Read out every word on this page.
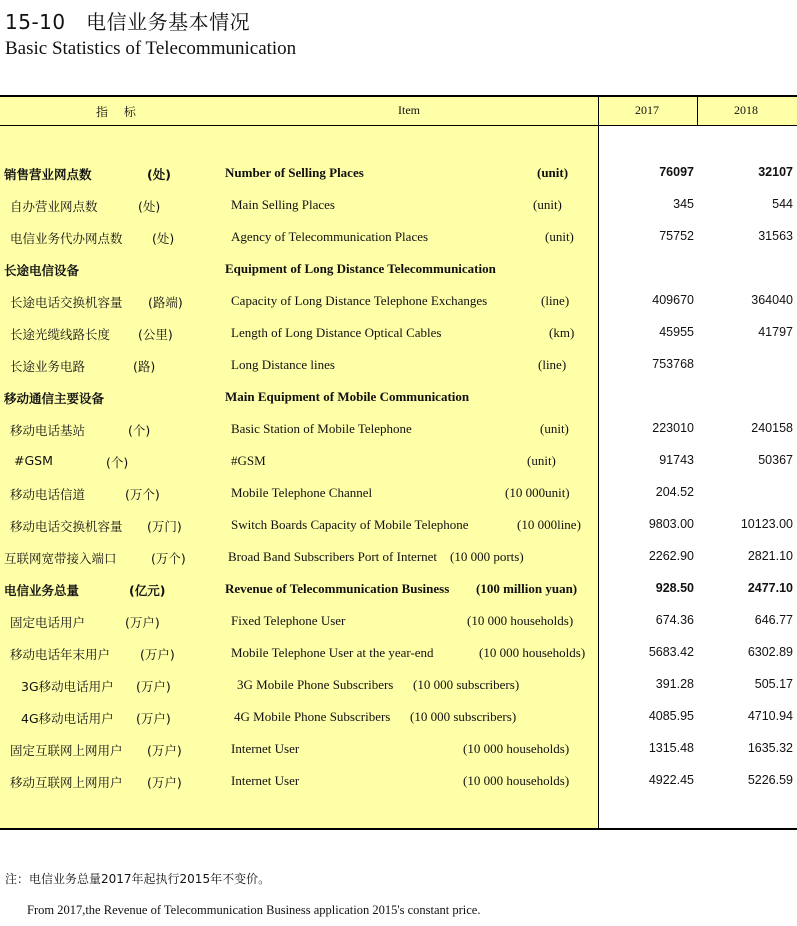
15-10　电信业务基本情况
Basic Statistics of Telecommunication
指 标	Item	2017	2018
销售营业网点数	(处)	Number of Selling Places	(unit)	76097	32107
自办营业网点数	(处)	Main Selling Places	(unit)	345	544
电信业务代办网点数 (处)	Agency of Telecommunication Places	(unit)	75752	31563
长途电信设备	Equipment of Long Distance Telecommunication
长途电话交换机容量 (路端)	Capacity of Long Distance Telephone Exchanges	(line)	409670	364040
长途光缆线路长度 (公里)	Length of Long Distance Optical Cables	(km)	45955	41797
长途业务电路	(路)	Long Distance lines	(line)	753768
移动通信主要设备	Main Equipment of Mobile Communication
移动电话基站	(个)	Basic Station of Mobile Telephone	(unit)	223010	240158
#GSM	(个)	#GSM	(unit)	91743	50367
移动电话信道	(万个)	Mobile Telephone Channel	(10 000unit)	204.52
移动电话交换机容量 (万门)	Switch Boards Capacity of Mobile Telephone	(10 000line)	9803.00	10123.00
互联网宽带接入端口	(万个)	Broad Band Subscribers Port of Internet (10 000 ports)	2262.90	2821.10
电信业务总量	(亿元)	Revenue of Telecommunication Business (100 million yuan)	928.50	2477.10
固定电话用户	(万户)	Fixed Telephone User	(10 000 households)	674.36	646.77
移动电话年末用户 (万户)	Mobile Telephone User at the year-end	(10 000 households)	5683.42	6302.89
3G移动电话用户 (万户)	3G Mobile Phone Subscribers (10 000 subscribers)	391.28	505.17
4G移动电话用户 (万户)	4G Mobile Phone Subscribers (10 000 subscribers)	4085.95	4710.94
固定互联网上网用户 (万户)	Internet User	(10 000 households)	1315.48	1635.32
移动互联网上网用户 (万户)	Internet User	(10 000 households)	4922.45	5226.59
注：电信业务总量2017年起执行2015年不变价。
From 2017,the Revenue of Telecommunication Business application 2015's constant price.
